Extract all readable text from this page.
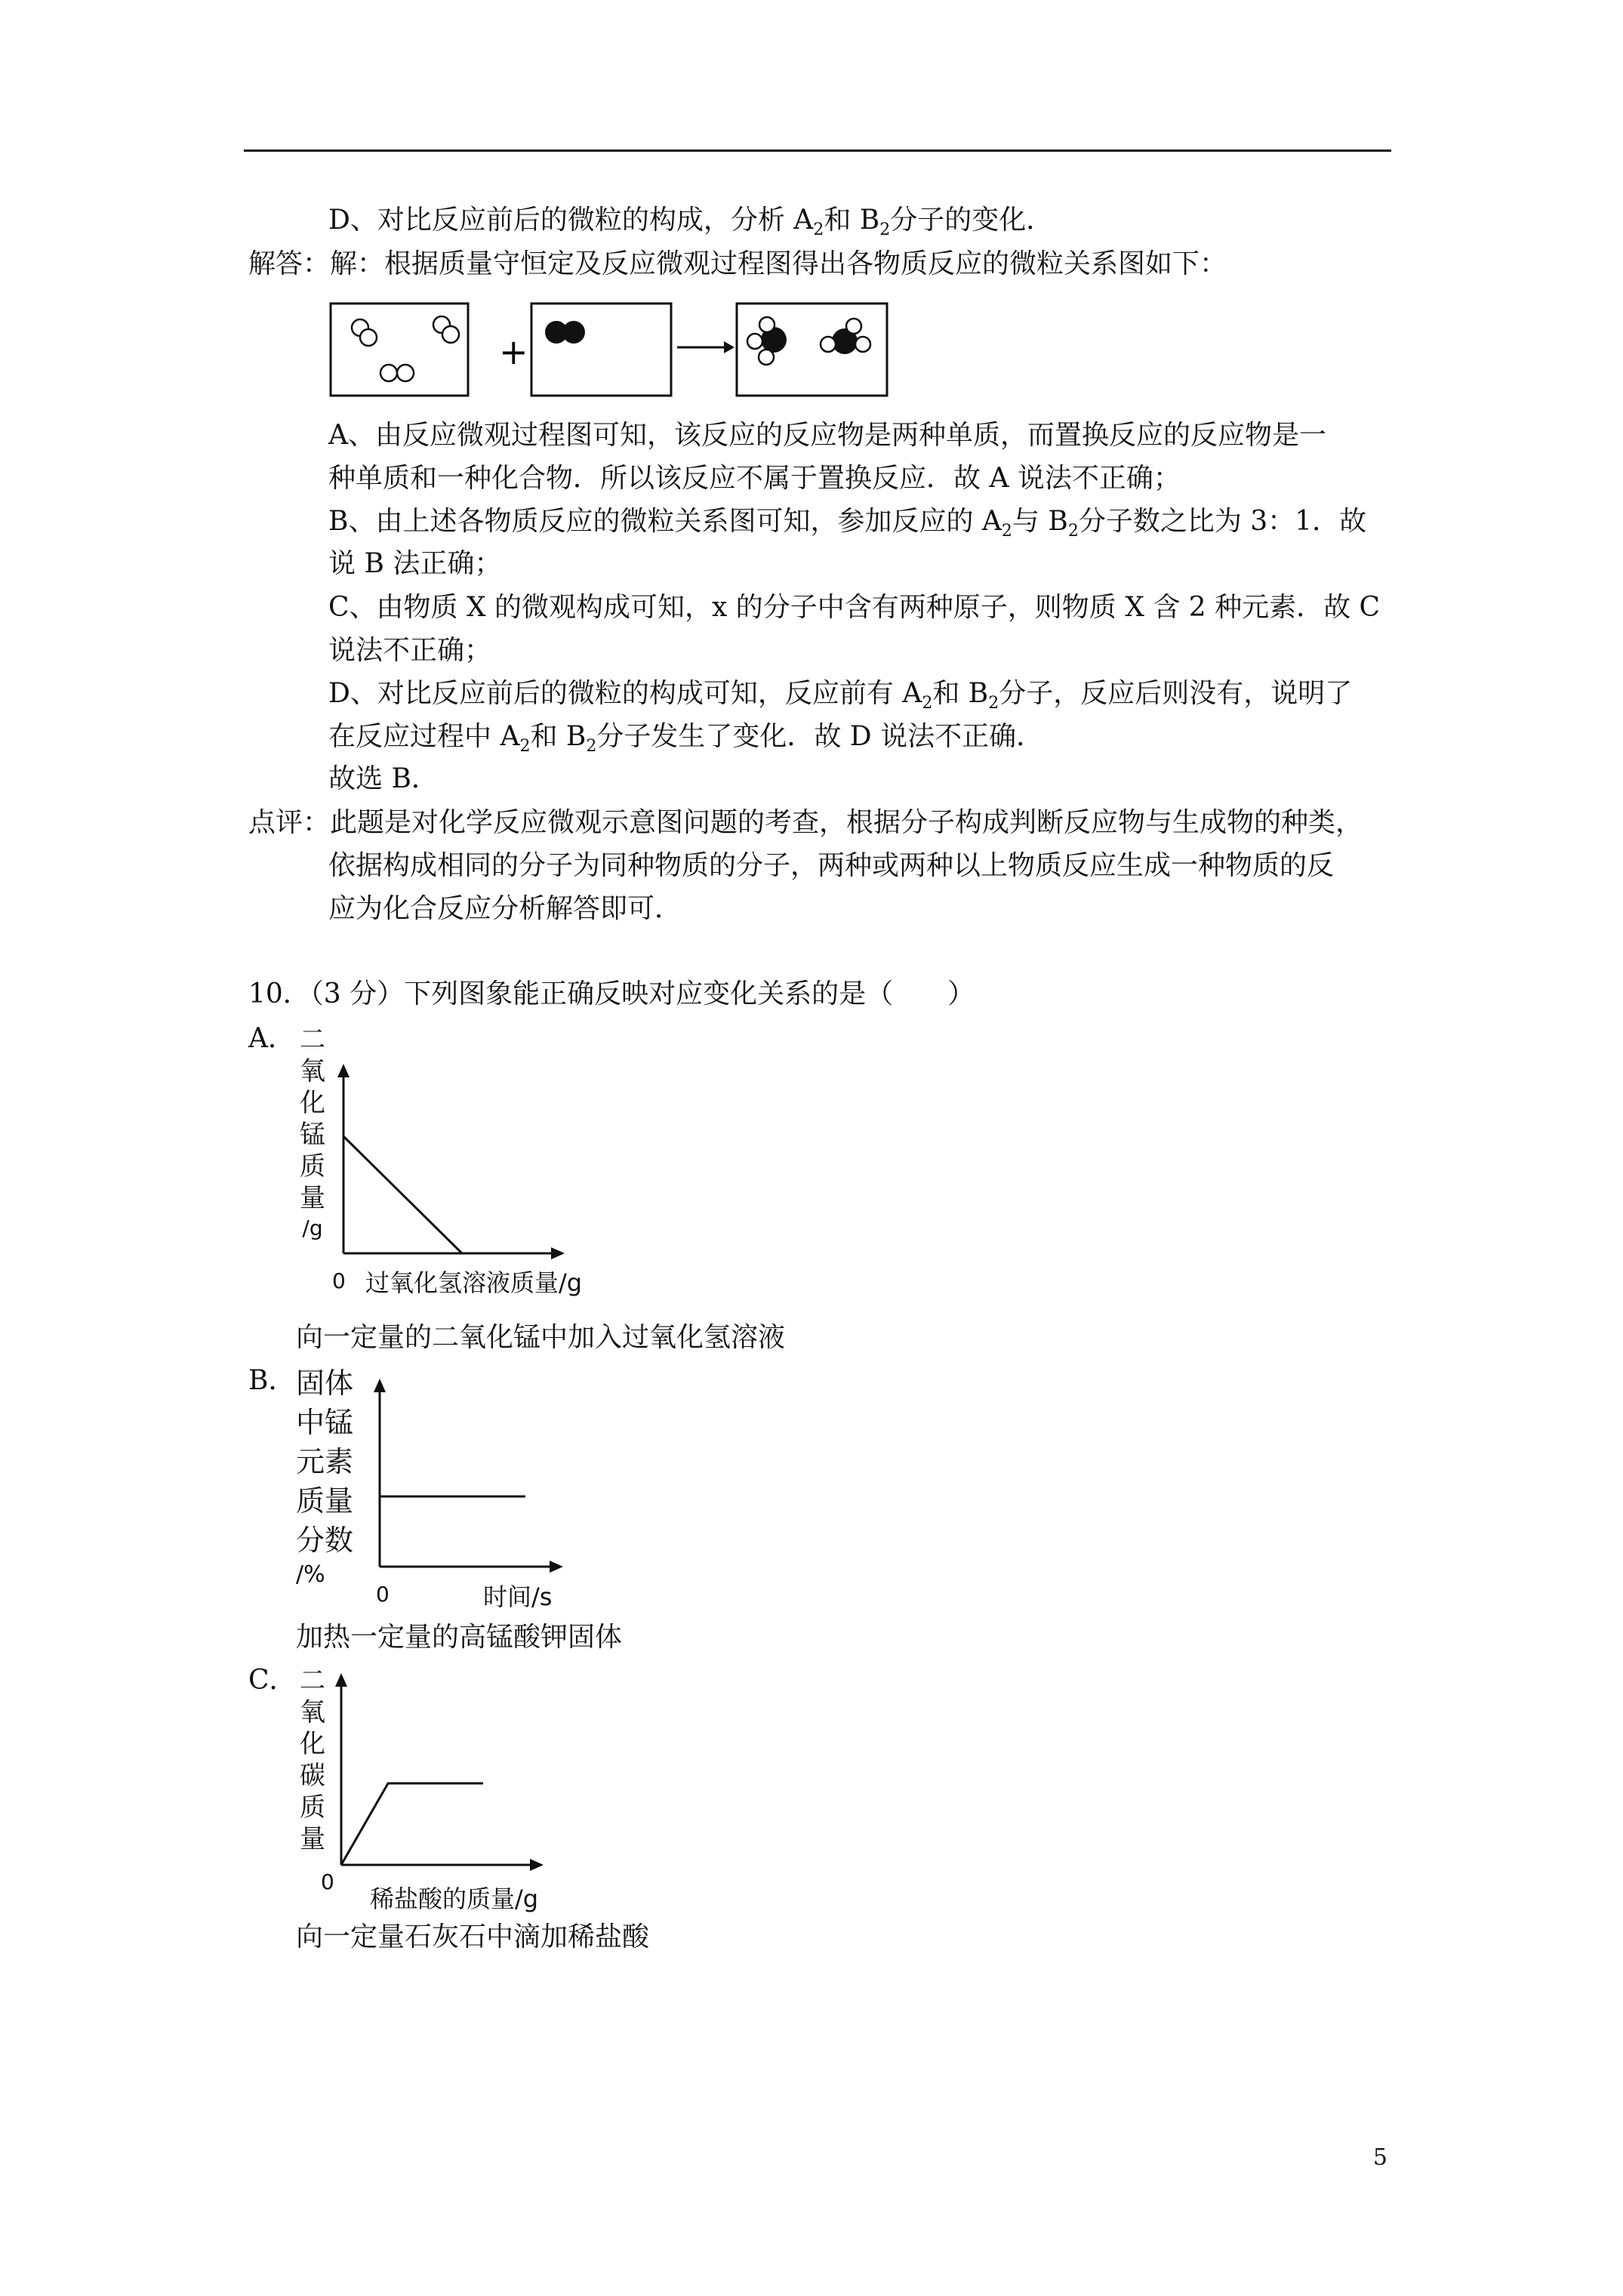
D、对比反应前后的微粒的构成，分析 $A_2$和 $B_2$分子的变化．
解答：解：根据质量守恒定及反应微观过程图得出各物质反应的微粒关系图如下：
+
A、由反应微观过程图可知，该反应的反应物是两种单质，而置换反应的反应物是一
种单质和一种化合物．所以该反应不属于置换反应．故 A 说法不正确；
B、由上述各物质反应的微粒关系图可知，参加反应的 $A_2$与 $B_2$分子数之比为 3：1．故
说 B 法正确；
C、由物质 X 的微观构成可知，x 的分子中含有两种原子，则物质 X 含 2 种元素．故 C
说法不正确；
D、对比反应前后的微粒的构成可知，反应前有 $A_2$和 $B_2$分子，反应后则没有，说明了
在反应过程中 $A_2$和 $B_2$分子发生了变化．故 D 说法不正确．
故选 B．
点评：此题是对化学反应微观示意图问题的考查，根据分子构成判断反应物与生成物的种类，
依据构成相同的分子为同种物质的分子，两种或两种以上物质反应生成一种物质的反
应为化合反应分析解答即可．
10．（3 分）下列图象能正确反映对应变化关系的是（　　）
A． 二
氧
化
锰
质
量
/g
0 过氧化氢溶液质量/g
向一定量的二氧化锰中加入过氧化氢溶液
B． 固体
中锰
元素
质量
分数
/%
0	时间/s
加热一定量的高锰酸钾固体
C． 二
氧
化
碳
质
量
0
稀盐酸的质量/g
向一定量石灰石中滴加稀盐酸
5
